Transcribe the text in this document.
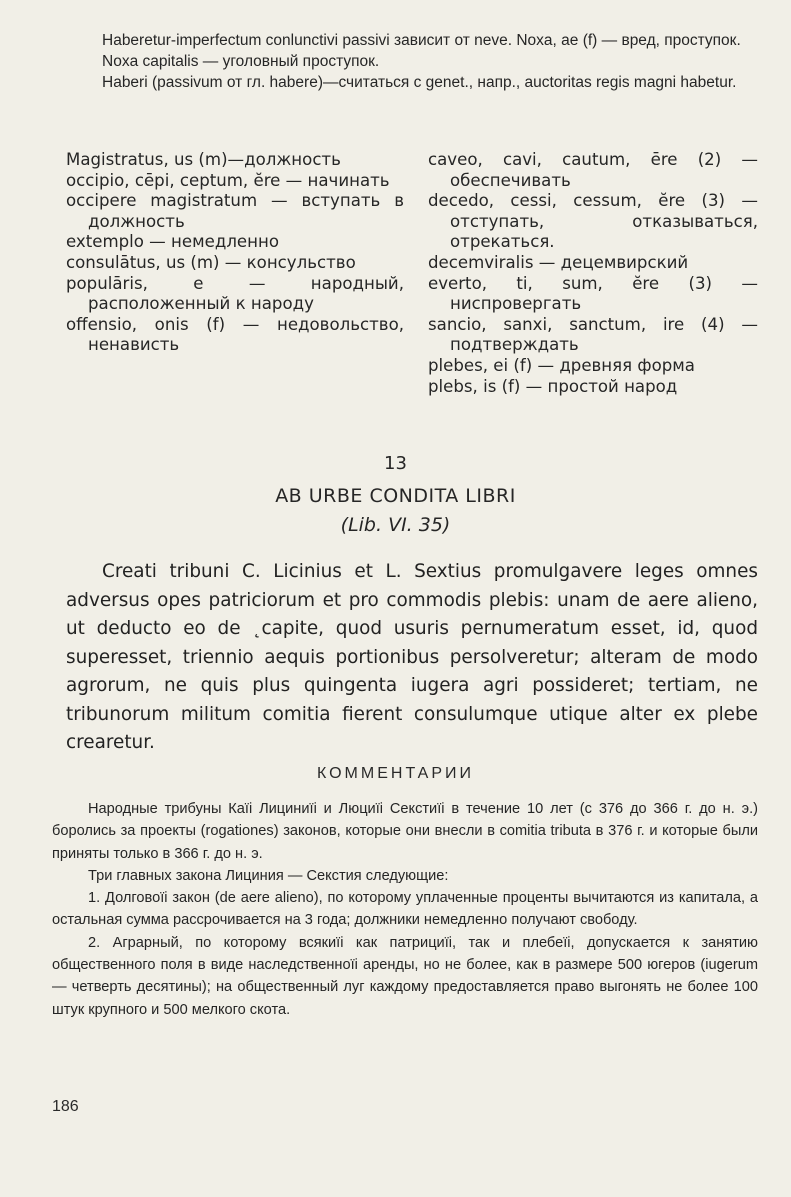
Haberetur-imperfectum conlunctivi passivi зависит от neve. Noxa, ae (f) — вред, проступок.

Noxa capitalis — уголовный проступок.

Haberi (passivum от гл. habere)—считаться с genet., напр., auctoritas regis magni habetur.

Magistratus, us (m)—должность

occipio, cēpi, ceptum, ĕre — начинать

occipere magistratum — вступать в должность

extemplo — немедленно

consulātus, us (m) — консульство

populāris, e — народный, расположенный к народу

offensio, onis (f) — недовольство, ненависть

caveo, cavi, cautum, ēre (2) — обеспечивать

decedo, cessi, cessum, ĕre (3) — отступать, отказываться, отрекаться.

decemviralis — децемвирский

everto, ti, sum, ĕre (3) — ниспровергать

sancio, sanxi, sanctum, ire (4) — подтверждать

plebes, ei (f) — древняя форма

plebs, is (f) — простой народ

13
AB URBE CONDITA LIBRI
(Lib. VI. 35)

Creati tribuni C. Licinius et L. Sextius promulgavere leges omnes adversus opes patriciorum et pro commodis plebis: unam de aere alieno, ut deducto eo de ˛capite, quod usuris pernumeratum esset, id, quod superesset, triennio aequis portionibus persolveretur; alteram de modo agrorum, ne quis plus quingenta iugera agri possideret; tertiam, ne tribunorum militum comitia fierent consulumque utique alter ex plebe crearetur.

КОММЕНТАРИИ

Народные трибуны Каїі Лициниїі и Люциїі Секстиїі в течение 10 лет (с 376 до 366 г. до н. э.) боролись за проекты (rogationes) законов, которые они внесли в comitia tributa в 376 г. и которые были приняты только в 366 г. до н. э.

Три главных закона Лициния — Секстия следующие:

1. Долговоїі закон (de aere alieno), по которому уплаченные проценты вычитаются из капитала, а остальная сумма рассрочивается на 3 года; должники немедленно получают свободу.

2. Аграрный, по которому всякиїі как патрициїі, так и плебеїі, допускается к занятию общественного поля в виде наследственноїі аренды, но не более, как в размере 500 югеров (iugerum — четверть десятины); на общественный луг каждому предоставляется право выгонять не более 100 штук крупного и 500 мелкого скота.

186
